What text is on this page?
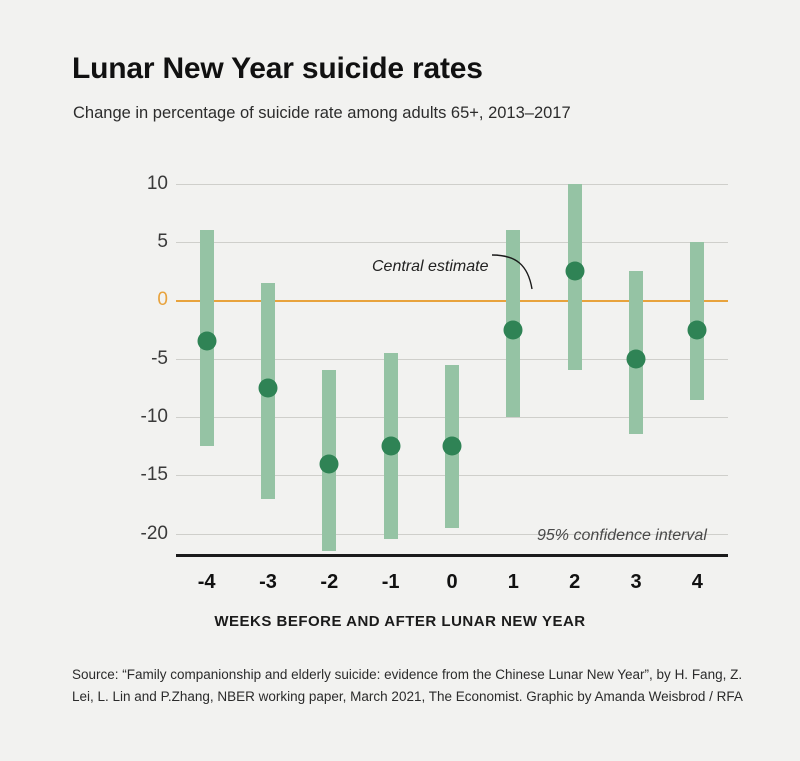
Lunar New Year suicide rates
Change in percentage of suicide rate among adults 65+, 2013–2017
10
5
0
-5
-10
-15
-20
-4 -3 -2 -1 0	1	2	3	4
Central estimate
95% confidence interval
WEEKS BEFORE AND AFTER LUNAR NEW YEAR
Source: “Family companionship and elderly suicide: evidence from the Chinese Lunar New Year”, by H. Fang, Z. Lei, L. Lin and P.Zhang, NBER working paper, March 2021, The Economist. Graphic by Amanda Weisbrod / RFA
